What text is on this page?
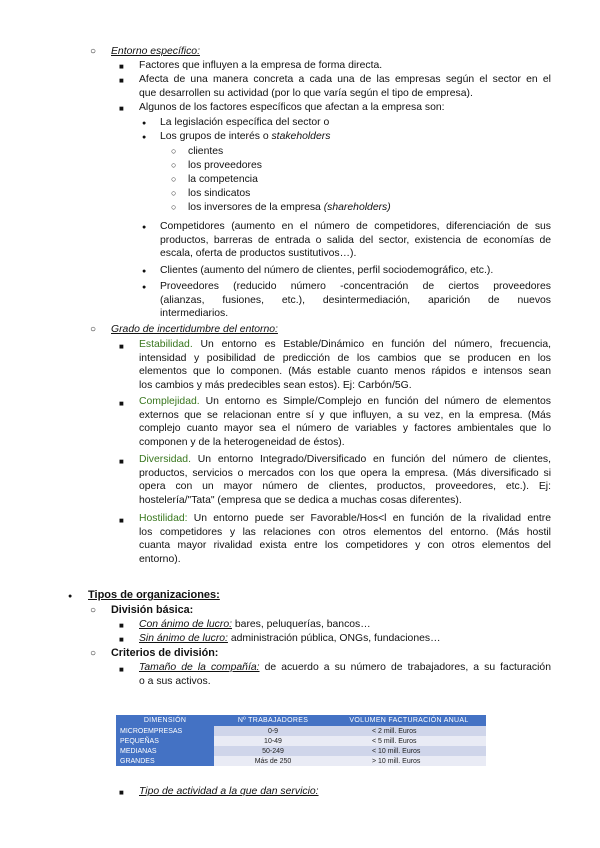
○ Entorno específico:
■ Factores que influyen a la empresa de forma directa.
■ Afecta de una manera concreta a cada una de las empresas según el sector en el
que desarrollen su actividad (por lo que varía según el tipo de empresa).
■ Algunos de los factores específicos que afectan a la empresa son:
● La legislación específica del sector o
● Los grupos de interés o stakeholders
○ clientes
○ los proveedores
○ la competencia
○ los sindicatos
○ los inversores de la empresa (shareholders)
● Competidores (aumento en el número de competidores, diferenciación de sus
productos, barreras de entrada o salida del sector, existencia de economías de
escala, oferta de productos sustitutivos…).
● Clientes (aumento del número de clientes, perfil sociodemográfico, etc.).
● Proveedores (reducido número -concentración de ciertos proveedores
(alianzas, fusiones, etc.), desintermediación, aparición de nuevos
intermediarios.
○ Grado de incertidumbre del entorno:
■ Estabilidad. Un entorno es Estable/Dinámico en función del número, frecuencia,
intensidad y posibilidad de predicción de los cambios que se producen en los
elementos que lo componen. (Más estable cuanto menos rápidos e intensos sean
los cambios y más predecibles sean estos). Ej: Carbón/5G.
■ Complejidad. Un entorno es Simple/Complejo en función del número de elementos
externos que se relacionan entre sí y que influyen, a su vez, en la empresa. (Más
complejo cuanto mayor sea el número de variables y factores ambientales que lo
componen y de la heterogeneidad de éstos).
■ Diversidad. Un entorno Integrado/Diversificado en función del número de clientes,
productos, servicios o mercados con los que opera la empresa. (Más diversificado si
opera con un mayor número de clientes, productos, proveedores, etc.). Ej:
hostelería/"Tata" (empresa que se dedica a muchas cosas diferentes).
■ Hostilidad: Un entorno puede ser Favorable/Hos<l en función de la rivalidad entre
los competidores y las relaciones con otros elementos del entorno. (Más hostil
cuanta mayor rivalidad exista entre los competidores y con otros elementos del
entorno).
● Tipos de organizaciones:
○ División básica:
■ Con ánimo de lucro: bares, peluquerías, bancos…
■ Sin ánimo de lucro: administración pública, ONGs, fundaciones…
○ Criterios de división:
■ Tamaño de la compañía: de acuerdo a su número de trabajadores, a su facturación
o a sus activos.
DIMENSIÓN	Nº TRABAJADORES	VOLUMEN FACTURACIÓN ANUAL
MICROEMPRESAS	0-9	< 2 mill. Euros
PEQUEÑAS	10-49	< 5 mill. Euros
MEDIANAS	50-249	< 10 mill. Euros
GRANDES	Más de 250	> 10 mill. Euros
■ Tipo de actividad a la que dan servicio:
